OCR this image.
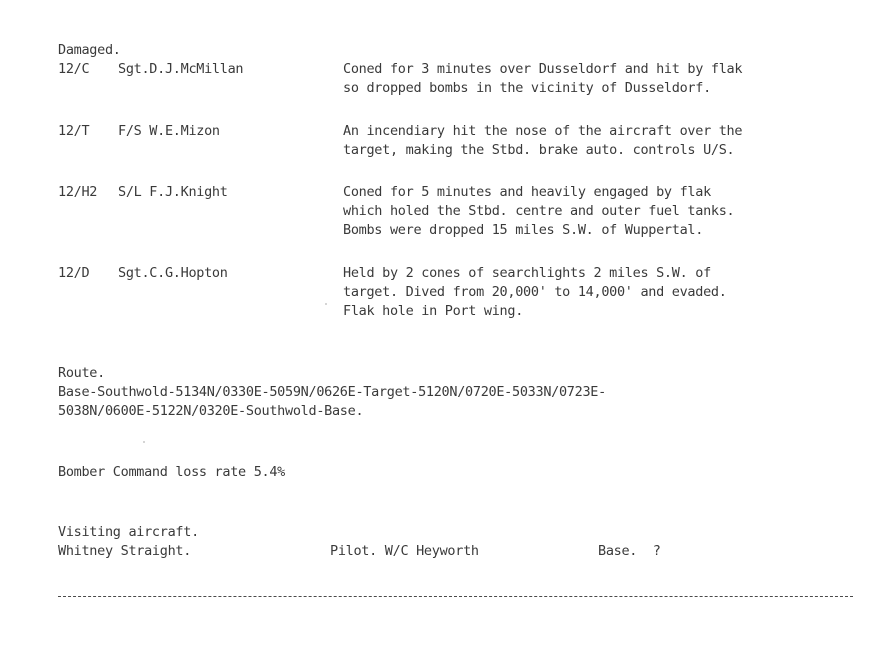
Damaged.
12/C Sgt.D.J.McMillan	Coned for 3 minutes over Dusseldorf and hit by flak
so dropped bombs in the vicinity of Dusseldorf.
12/T F/S W.E.Mizon	An incendiary hit the nose of the aircraft over the
target, making the Stbd. brake auto. controls U/S.
12/H2 S/L F.J.Knight	Coned for 5 minutes and heavily engaged by flak
which holed the Stbd. centre and outer fuel tanks.
Bombs were dropped 15 miles S.W. of Wuppertal.
12/D Sgt.C.G.Hopton	Held by 2 cones of searchlights 2 miles S.W. of
target. Dived from 20,000' to 14,000' and evaded.
Flak hole in Port wing.
Route.
Base-Southwold-5134N/0330E-5059N/0626E-Target-5120N/0720E-5033N/0723E-
5038N/0600E-5122N/0320E-Southwold-Base.
Bomber Command loss rate 5.4%
Visiting aircraft.
Whitney Straight.	Pilot. W/C Heyworth	Base.  ?
